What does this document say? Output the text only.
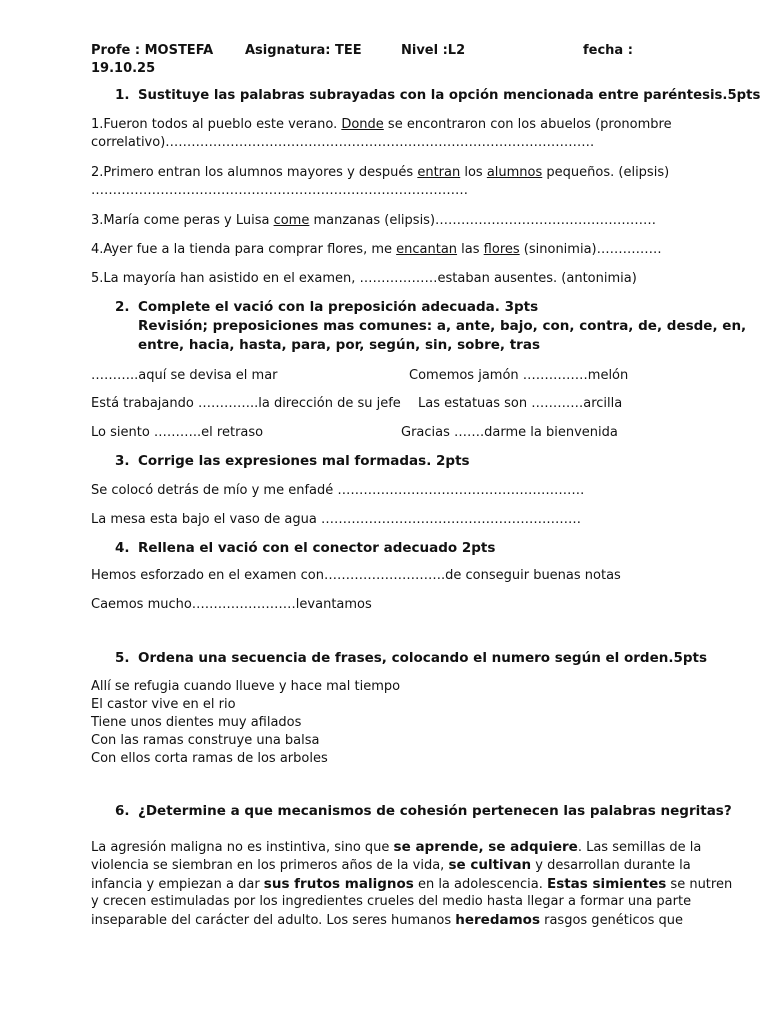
Profe : MOSTEFA Asignatura: TEE	Nivel :L2	fecha :
19.10.25
1. Sustituye las palabras subrayadas con la opción mencionada entre paréntesis.5pts
1.Fueron todos al pueblo este verano. Donde se encontraron con los abuelos (pronombre
correlativo)………………………………………………………………………………………
2.Primero entran los alumnos mayores y después entran los alumnos pequeños. (elipsis)
……………………………………………………………………………
3.María come peras y Luisa come manzanas (elipsis)……………………………………………
4.Ayer fue a la tienda para comprar flores, me encantan las flores (sinonimia)……………
5.La mayoría han asistido en el examen, ………………estaban ausentes. (antonimia)
2. Complete el vació con la preposición adecuada. 3pts
Revisión; preposiciones mas comunes: a, ante, bajo, con, contra, de, desde, en,
entre, hacia, hasta, para, por, según, sin, sobre, tras
………..aquí se devisa el mar	Comemos jamón ……………melón
Está trabajando …………..la dirección de su jefe Las estatuas son …………arcilla
Lo siento ………..el retraso	Gracias …….darme la bienvenida
3. Corrige las expresiones mal formadas. 2pts
Se colocó detrás de mío y me enfadé …………………………………………………
La mesa esta bajo el vaso de agua ……………………………………………………
4. Rellena el vació con el conector adecuado 2pts
Hemos esforzado en el examen con……………………….de conseguir buenas notas
Caemos mucho……………………levantamos
5. Ordena una secuencia de frases, colocando el numero según el orden.5pts
Allí se refugia cuando llueve y hace mal tiempo
El castor vive en el rio
Tiene unos dientes muy afilados
Con las ramas construye una balsa
Con ellos corta ramas de los arboles
6. ¿Determine a que mecanismos de cohesión pertenecen las palabras negritas?
La agresión maligna no es instintiva, sino que se aprende, se adquiere. Las semillas de la
violencia se siembran en los primeros años de la vida, se cultivan y desarrollan durante la
infancia y empiezan a dar sus frutos malignos en la adolescencia. Estas simientes se nutren
y crecen estimuladas por los ingredientes crueles del medio hasta llegar a formar una parte
inseparable del carácter del adulto. Los seres humanos heredamos rasgos genéticos que
